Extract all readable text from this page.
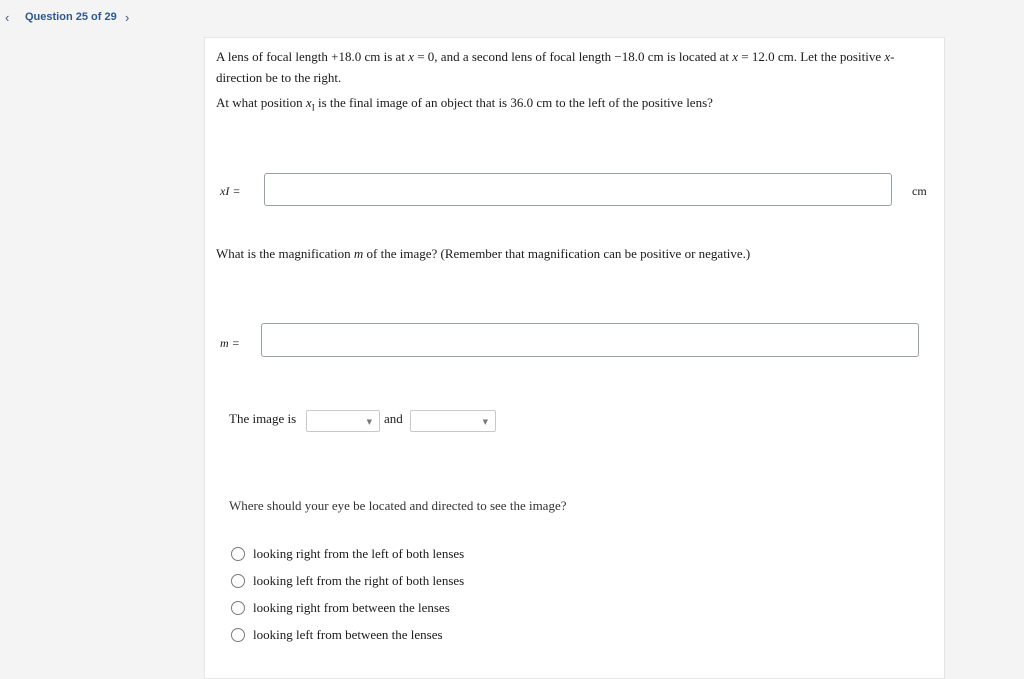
‹ Question 25 of 29 ›
A lens of focal length +18.0 cm is at x = 0, and a second lens of focal length −18.0 cm is located at x = 12.0 cm. Let the positive x-direction be to the right.
At what position $x_I$ is the final image of an object that is 36.0 cm to the left of the positive lens?
xI =	cm
What is the magnification m of the image? (Remember that magnification can be positive or negative.)
m =
The image is	▼ and	▼
Where should your eye be located and directed to see the image?
looking right from the left of both lenses
looking left from the right of both lenses
looking right from between the lenses
looking left from between the lenses
